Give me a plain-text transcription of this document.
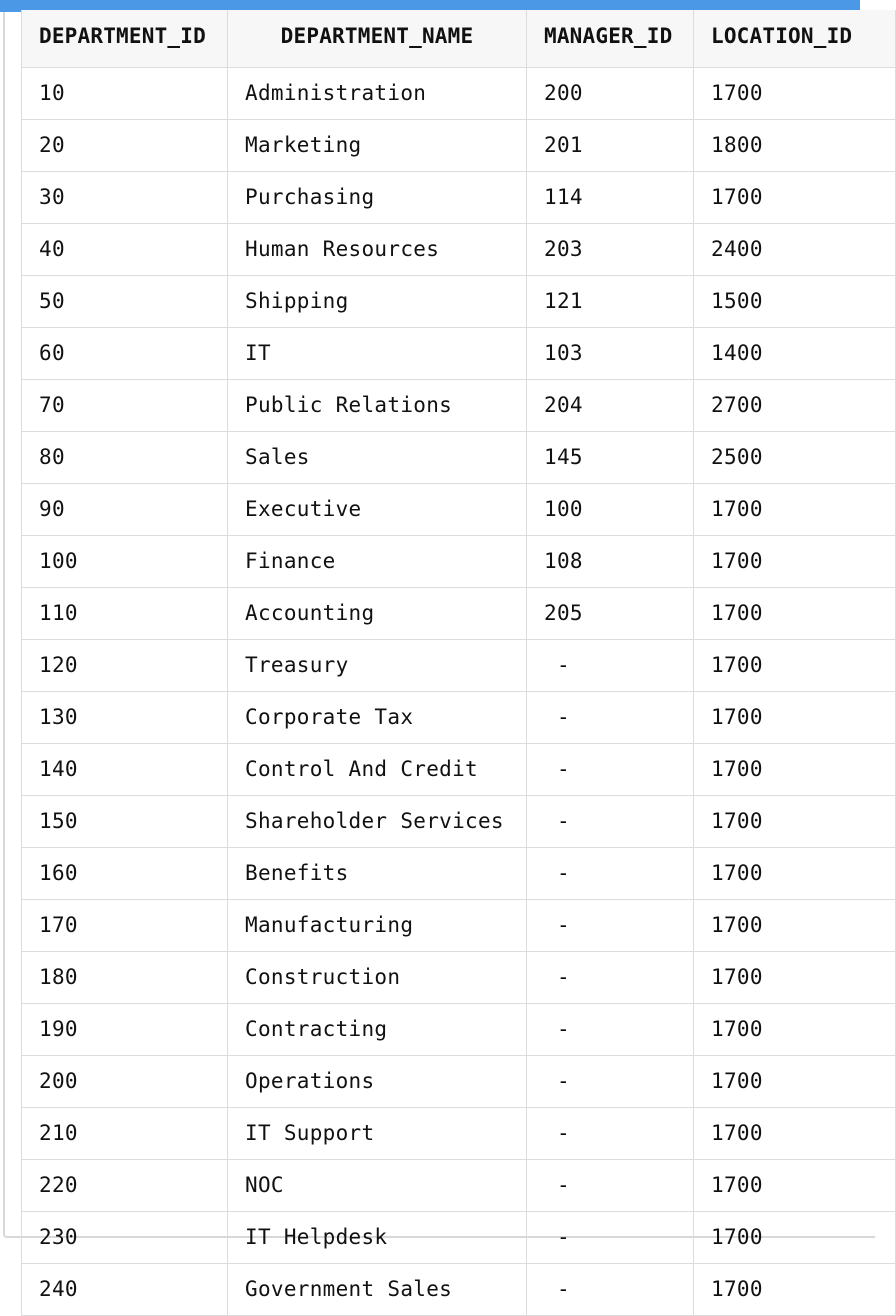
DEPARTMENT_ID	DEPARTMENT_NAME	MANAGER_ID	LOCATION_ID
10	Administration	200	1700
20	Marketing	201	1800
30	Purchasing	114	1700
40	Human Resources	203	2400
50	Shipping	121	1500
60	IT	103	1400
70	Public Relations	204	2700
80	Sales	145	2500
90	Executive	100	1700
100	Finance	108	1700
110	Accounting	205	1700
120	Treasury	-	1700
130	Corporate Tax	-	1700
140	Control And Credit	-	1700
150	Shareholder Services	-	1700
160	Benefits	-	1700
170	Manufacturing	-	1700
180	Construction	-	1700
190	Contracting	-	1700
200	Operations	-	1700
210	IT Support	-	1700
220	NOC	-	1700
230	IT Helpdesk	-	1700
240	Government Sales	-	1700
